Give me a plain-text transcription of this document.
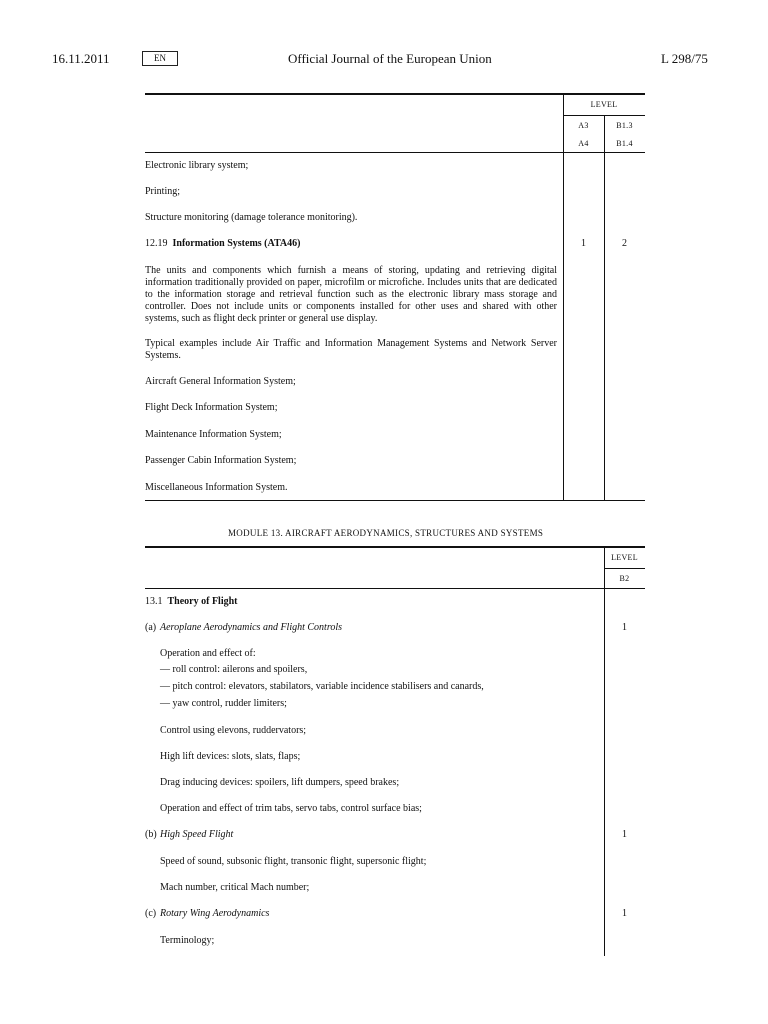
16.11.2011	EN	Official Journal of the European Union	L 298/75
LEVEL
A3	B1.3
A4	B1.4
Electronic library system;
Printing;
Structure monitoring (damage tolerance monitoring).
12.19 Information Systems (ATA46)	1	2
The units and components which furnish a means of storing, updating and retrieving digital information traditionally provided on paper, microfilm or microfiche. Includes units that are dedicated to the information storage and retrieval function such as the electronic library mass storage and controller. Does not include units or components installed for other uses and shared with other systems, such as flight deck printer or general use display.
Typical examples include Air Traffic and Information Management Systems and Network Server Systems.
Aircraft General Information System;
Flight Deck Information System;
Maintenance Information System;
Passenger Cabin Information System;
Miscellaneous Information System.
MODULE 13. AIRCRAFT AERODYNAMICS, STRUCTURES AND SYSTEMS
LEVEL
B2
13.1 Theory of Flight
(a) Aeroplane Aerodynamics and Flight Controls	1
Operation and effect of:
— roll control: ailerons and spoilers,
— pitch control: elevators, stabilators, variable incidence stabilisers and canards,
— yaw control, rudder limiters;
Control using elevons, ruddervators;
High lift devices: slots, slats, flaps;
Drag inducing devices: spoilers, lift dumpers, speed brakes;
Operation and effect of trim tabs, servo tabs, control surface bias;
(b) High Speed Flight	1
Speed of sound, subsonic flight, transonic flight, supersonic flight;
Mach number, critical Mach number;
(c) Rotary Wing Aerodynamics	1
Terminology;
